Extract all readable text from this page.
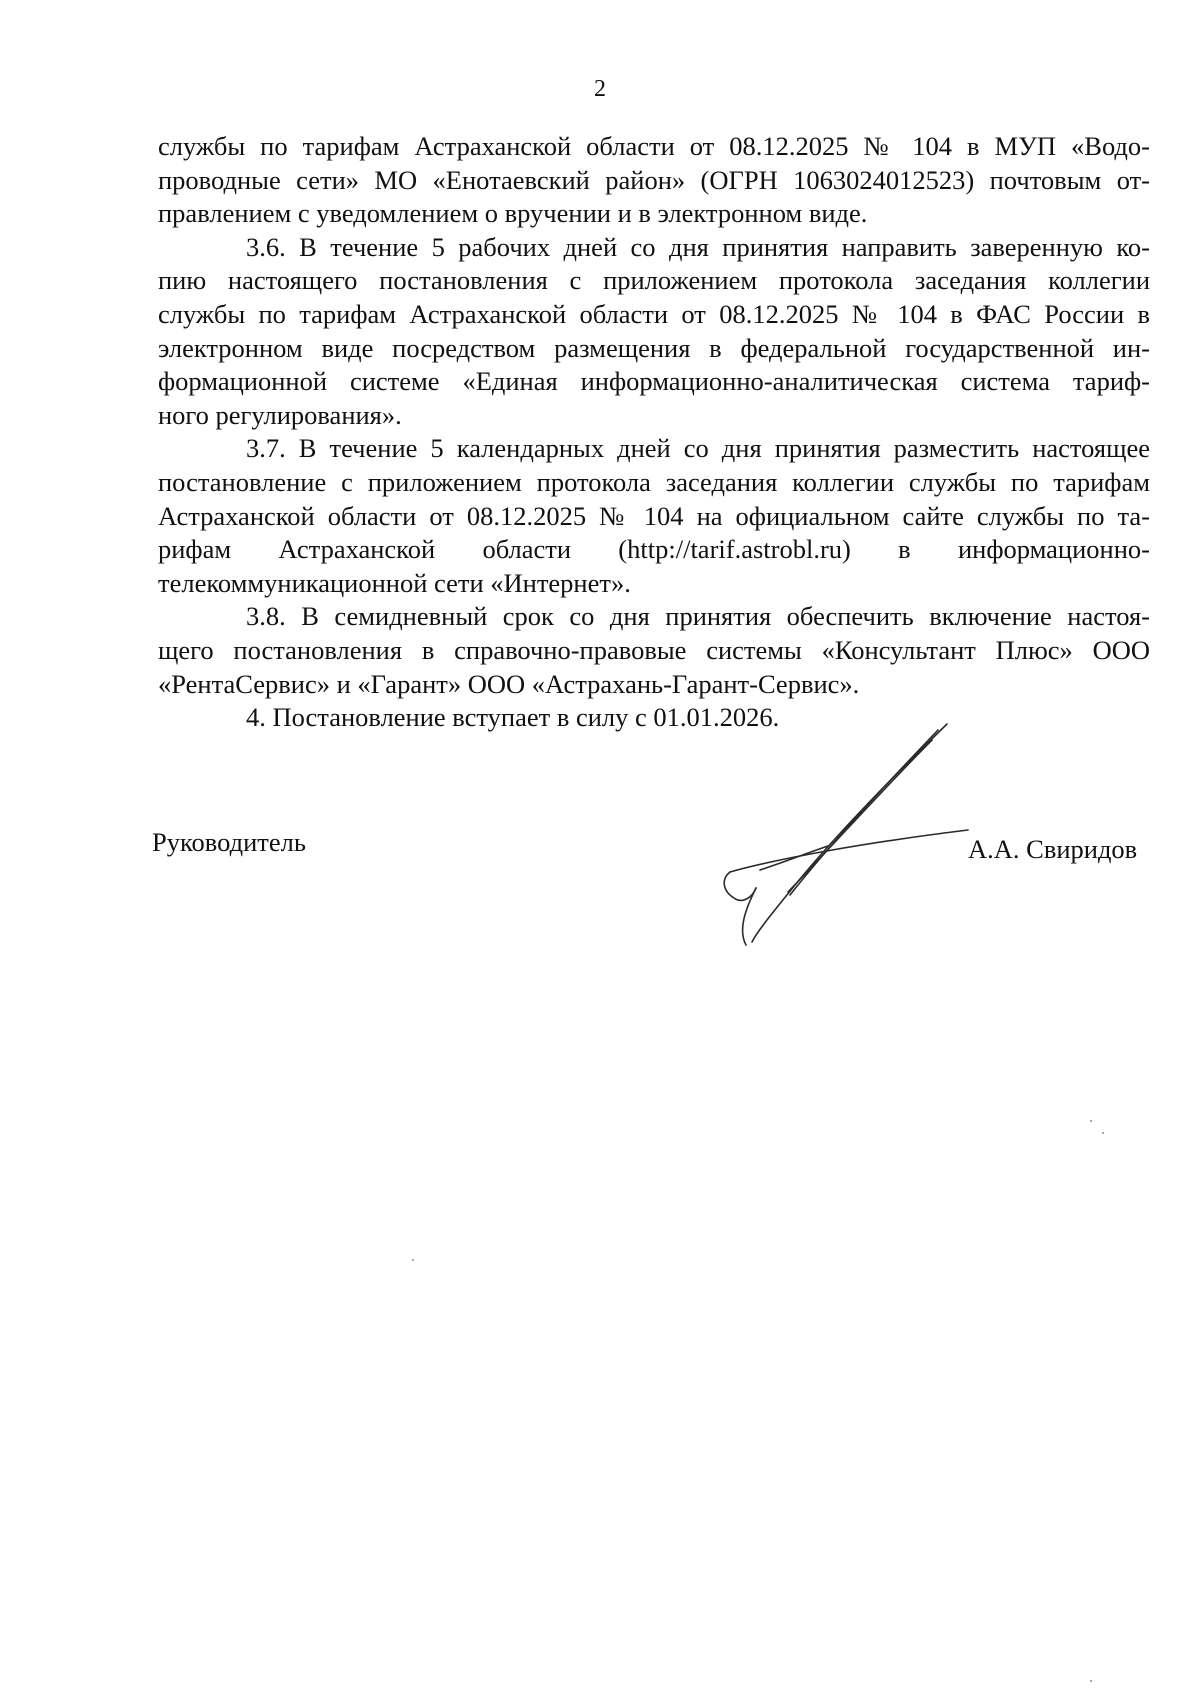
2
службы по тарифам Астраханской области от 08.12.2025 № 104 в МУП «Водо-
проводные сети» МО «Енотаевский район» (ОГРН 1063024012523) почтовым от-
правлением с уведомлением о вручении и в электронном виде.
3.6. В течение 5 рабочих дней со дня принятия направить заверенную ко-
пию настоящего постановления с приложением протокола заседания коллегии
службы по тарифам Астраханской области от 08.12.2025 № 104 в ФАС России в
электронном виде посредством размещения в федеральной государственной ин-
формационной системе «Единая информационно-аналитическая система тариф-
ного регулирования».
3.7. В течение 5 календарных дней со дня принятия разместить настоящее
постановление с приложением протокола заседания коллегии службы по тарифам
Астраханской области от 08.12.2025 № 104 на официальном сайте службы по та-
рифам Астраханской области (http://tarif.astrobl.ru) в информационно-
телекоммуникационной сети «Интернет».
3.8. В семидневный срок со дня принятия обеспечить включение настоя-
щего постановления в справочно-правовые системы «Консультант Плюс» ООО
«РентаСервис» и «Гарант» ООО «Астрахань-Гарант-Сервис».
4. Постановление вступает в силу с 01.01.2026.
Руководитель	А.А. Свиридов
